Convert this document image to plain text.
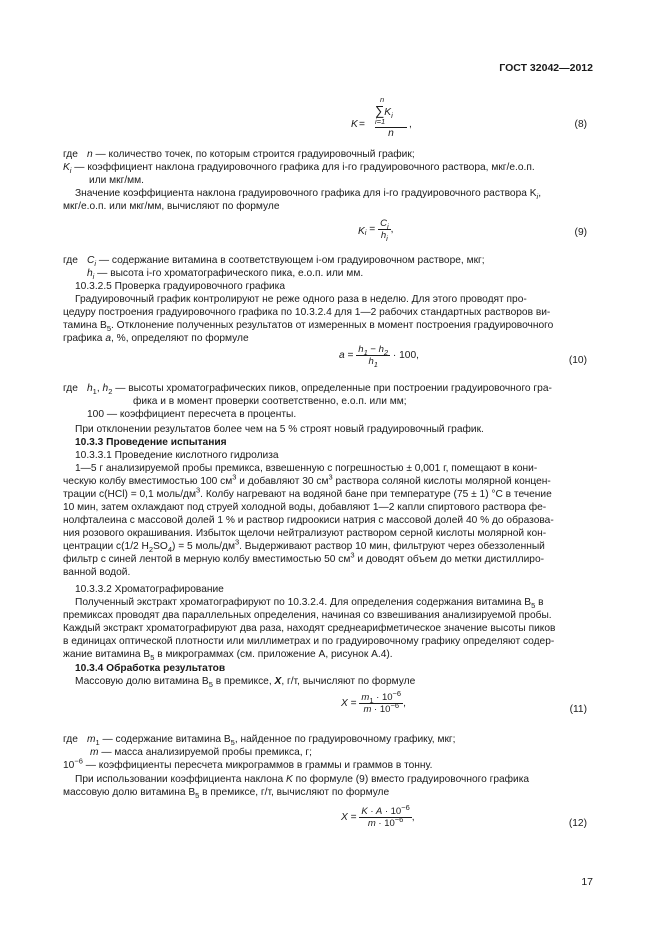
ГОСТ 32042—2012
K =
n
$\sum K_i$
i=1
n
,	(8)
где n — количество точек, по которым строится градуировочный график;
$K_i$ — коэффициент наклона градуировочного графика для i-го градуировочного раствора, мкг/е.о.п.
или мкг/мм.

Значение коэффициента наклона градуировочного графика для i-го градуировочного раствора $K_i$,

мкг/е.о.п. или мкг/мм, вычисляют по формуле

$K_i = \frac{C_i}{h_i}$ ,	(9)
где $C_i$ — содержание витамина в соответствующем i-ом градуировочном растворе, мкг;
$h_i$ — высота i-го хроматографического пика, е.о.п. или мм.

10.3.2.5 Проверка градуировочного графика

Градуировочный график контролируют не реже одного раза в неделю. Для этого проводят про-

цедуру построения градуировочного графика по 10.3.2.4 для 1—2 рабочих стандартных растворов ви-

тамина $B_5$. Отклонение полученных результатов от измеренных в момент построения градуировочного

графика a, %, определяют по формуле

$a = \frac{h_1 - h_2}{h_1} \cdot 100$,	(10)
где $h_1$, $h_2$ — высоты хроматографических пиков, определенные при построении градуировочного гра-
фика и в момент проверки соответственно, е.о.п. или мм;
100 — коэффициент пересчета в проценты.

При отклонении результатов более чем на 5 % строят новый градуировочный график.

10.3.3 Проведение испытания

10.3.3.1 Проведение кислотного гидролиза

1—5 г анализируемой пробы премикса, взвешенную с погрешностью ± 0,001 г, помещают в кони-

ческую колбу вместимостью 100 $см^3$ и добавляют 30 $см^3$ раствора соляной кислоты молярной концен-

трации c(HCl) = 0,1 моль/$дм^3$. Колбу нагревают на водяной бане при температуре (75 ± 1) °С в течение

10 мин, затем охлаждают под струей холодной воды, добавляют 1—2 капли спиртового раствора фе-

нолфталеина с массовой долей 1 % и раствор гидроокиси натрия с массовой долей 40 % до образова-

ния розового окрашивания. Избыток щелочи нейтрализуют раствором серной кислоты молярной кон-

центрации c(1/2 $H_2SO_4) = 5$ моль/$дм^3$. Выдерживают раствор 10 мин, фильтруют через обеззоленный

фильтр с синей лентой в мерную колбу вместимостью 50 $см^3$ и доводят объем до метки дистиллиро-

ванной водой.

10.3.3.2 Хроматографирование

Полученный экстракт хроматографируют по 10.3.2.4. Для определения содержания витамина $B_5$ в

премиксах проводят два параллельных определения, начиная со взвешивания анализируемой пробы.

Каждый экстракт хроматографируют два раза, находят среднеарифметическое значение высоты пиков

в единицах оптической плотности или миллиметрах и по градуировочному графику определяют содер-

жание витамина $B_5$ в микрограммах (см. приложение А, рисунок А.4).

10.3.4 Обработка результатов

Массовую долю витамина $B_5$ в премиксе, X, г/т, вычисляют по формуле

$X = \frac{m_1 \cdot 10^{-6}}{m \cdot 10^{-6}}$ ,
(11)
где $m_1$ — содержание витамина $B_5$, найденное по градуировочному графику, мкг;
m — масса анализируемой пробы премикса, г;
$10^{-6}$ — коэффициенты пересчета микрограммов в граммы и граммов в тонну.

При использовании коэффициента наклона K по формуле (9) вместо градуировочного графика

массовую долю витамина $B_5$ в премиксе, г/т, вычисляют по формуле

$X = \frac{K \cdot A \cdot 10^{-6}}{m \cdot 10^{-6}}$ ,
(12)
17
